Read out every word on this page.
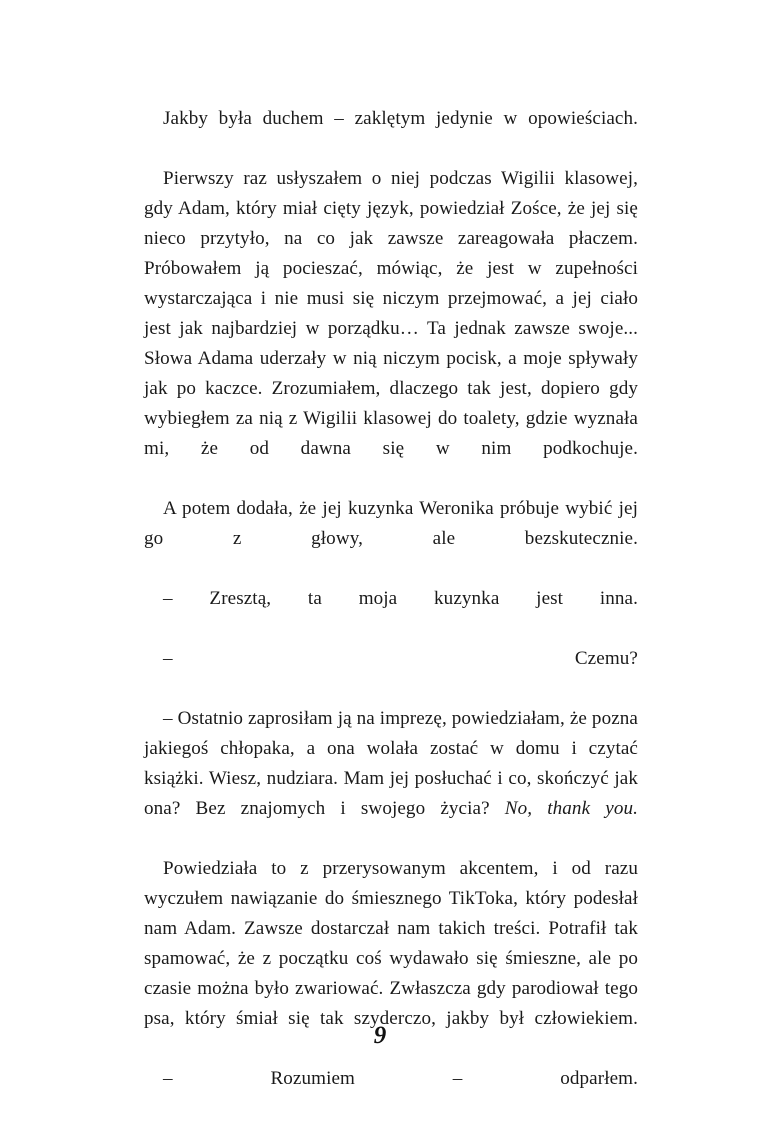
Jakby była duchem – zaklętym jedynie w opowieściach.

Pierwszy raz usłyszałem o niej podczas Wigilii klasowej, gdy Adam, który miał cięty język, powiedział Zośce, że jej się nieco przytyło, na co jak zawsze zareagowała płaczem. Próbowałem ją pocieszać, mówiąc, że jest w zupełności wystarczająca i nie musi się niczym przejmować, a jej ciało jest jak najbardziej w porządku… Ta jednak zawsze swoje... Słowa Adama uderzały w nią niczym pocisk, a moje spływały jak po kaczce. Zrozumiałem, dlaczego tak jest, dopiero gdy wybiegłem za nią z Wigilii klasowej do toalety, gdzie wyznała mi, że od dawna się w nim podkochuje.

A potem dodała, że jej kuzynka Weronika próbuje wybić jej go z głowy, ale bezskutecznie.

– Zresztą, ta moja kuzynka jest inna.

– Czemu?

– Ostatnio zaprosiłam ją na imprezę, powiedziałam, że pozna jakiegoś chłopaka, a ona wolała zostać w domu i czytać książki. Wiesz, nudziara. Mam jej posłuchać i co, skończyć jak ona? Bez znajomych i swojego życia? No, thank you.

Powiedziała to z przerysowanym akcentem, i od razu wyczułem nawiązanie do śmiesznego TikToka, który podesłał nam Adam. Zawsze dostarczał nam takich treści. Potrafił tak spamować, że z początku coś wydawało się śmieszne, ale po czasie można było zwariować. Zwłaszcza gdy parodiował tego psa, który śmiał się tak szyderczo, jakby był człowiekiem.

– Rozumiem – odparłem.

9
